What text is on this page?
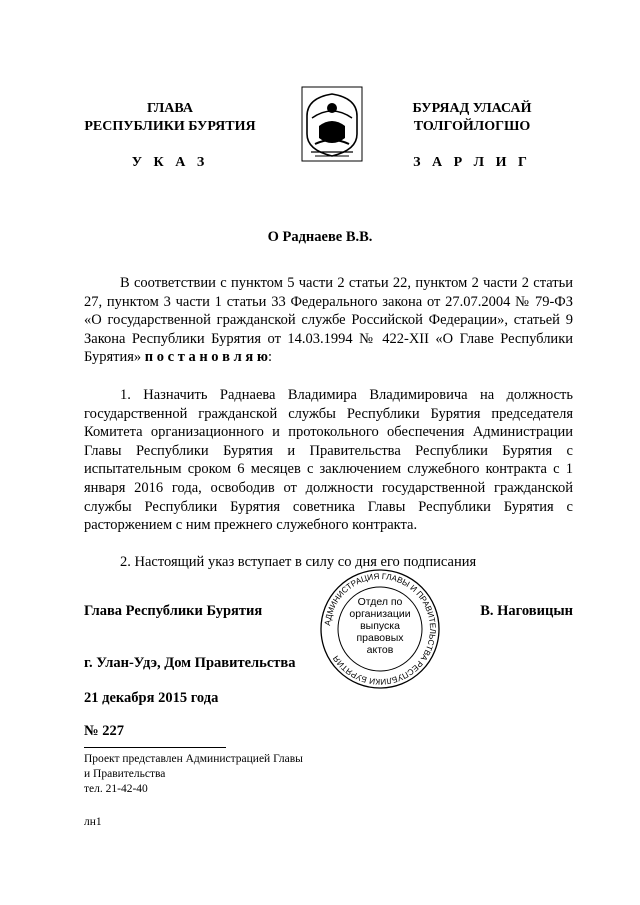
ГЛАВА
РЕСПУБЛИКИ БУРЯТИЯ
У К А З
БУРЯАД УЛАСАЙ
ТОЛГОЙЛОГШО
З А Р Л И Г
О Раднаеве В.В.

В соответствии с пунктом 5 части 2 статьи 22, пунктом 2 части 2 статьи 27, пунктом 3 части 1 статьи 33 Федерального закона от 27.07.2004 № 79-ФЗ «О государственной гражданской службе Российской Федерации», статьей 9 Закона Республики Бурятия от 14.03.1994 № 422-XII «О Главе Республики Бурятия» п о с т а н о в л я ю:

1. Назначить Раднаева Владимира Владимировича на должность государственной гражданской службы Республики Бурятия председателя Комитета организационного и протокольного обеспечения Администрации Главы Республики Бурятия и Правительства Республики Бурятия с испытательным сроком 6 месяцев с заключением служебного контракта с 1 января 2016 года, освободив от должности государственной гражданской службы Республики Бурятия советника Главы Республики Бурятия с расторжением с ним прежнего служебного контракта.

2. Настоящий указ вступает в силу со дня его подписания

Глава Республики Бурятия	В. Наговицын
АДМИНИСТРАЦИЯ ГЛАВЫ И ПРАВИТЕЛЬСТВА РЕСПУБЛИКИ БУРЯТИЯ
Отдел по
организации
выпуска
правовых
актов
г. Улан-Удэ, Дом Правительства
21 декабря 2015 года
№ 227
Проект представлен Администрацией Главы
и Правительства
тел. 21-42-40
лн1
